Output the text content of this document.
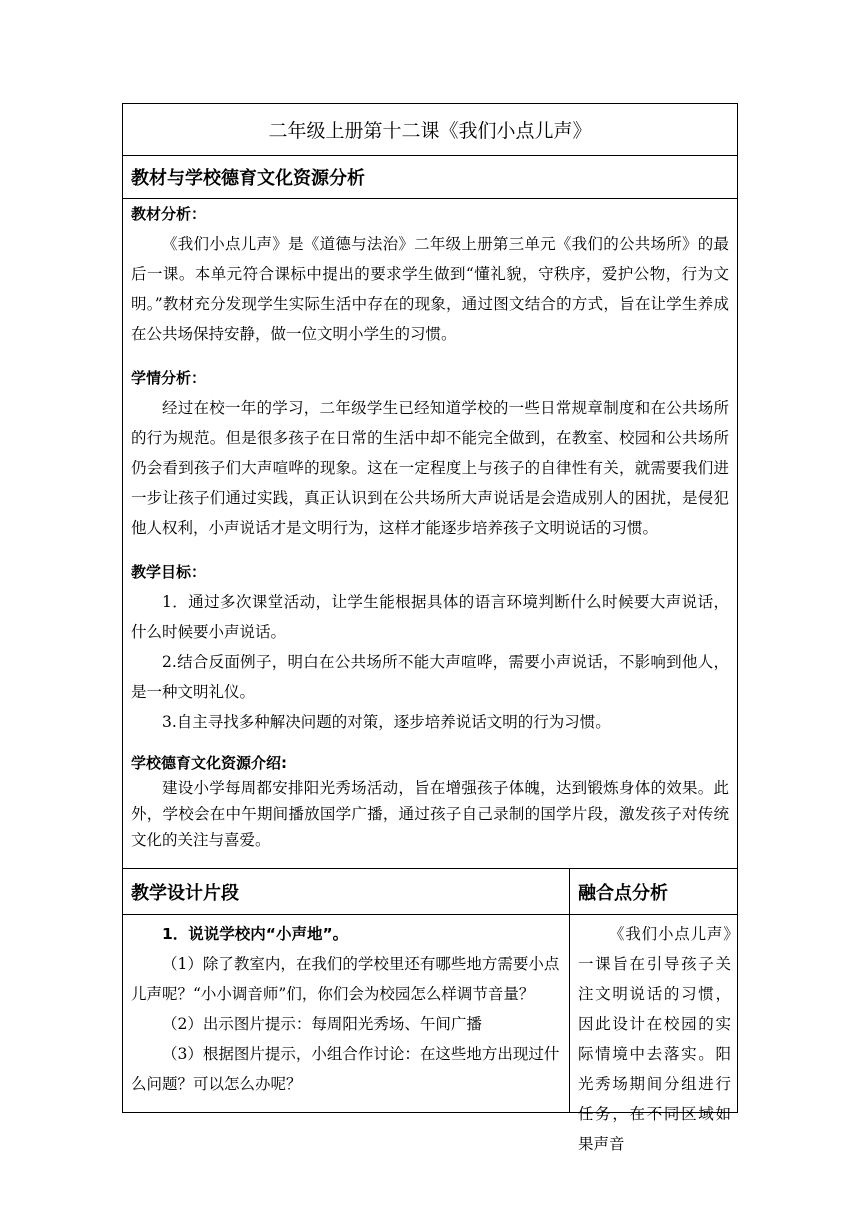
二年级上册第十二课《我们小点儿声》
教材与学校德育文化资源分析
教材分析：
《我们小点儿声》是《道德与法治》二年级上册第三单元《我们的公共场所》的最后一课。本单元符合课标中提出的要求学生做到“懂礼貌，守秩序，爱护公物，行为文明。”教材充分发现学生实际生活中存在的现象，通过图文结合的方式，旨在让学生养成在公共场保持安静，做一位文明小学生的习惯。
学情分析：
经过在校一年的学习，二年级学生已经知道学校的一些日常规章制度和在公共场所的行为规范。但是很多孩子在日常的生活中却不能完全做到，在教室、校园和公共场所仍会看到孩子们大声喧哗的现象。这在一定程度上与孩子的自律性有关，就需要我们进一步让孩子们通过实践，真正认识到在公共场所大声说话是会造成别人的困扰，是侵犯他人权利，小声说话才是文明行为，这样才能逐步培养孩子文明说话的习惯。
教学目标：
1．通过多次课堂活动，让学生能根据具体的语言环境判断什么时候要大声说话，什么时候要小声说话。
2.结合反面例子，明白在公共场所不能大声喧哗，需要小声说话，不影响到他人，是一种文明礼仪。
3.自主寻找多种解决问题的对策，逐步培养说话文明的行为习惯。
学校德育文化资源介绍:
建设小学每周都安排阳光秀场活动，旨在增强孩子体魄，达到锻炼身体的效果。此外，学校会在中午期间播放国学广播，通过孩子自己录制的国学片段，激发孩子对传统文化的关注与喜爱。
教学设计片段
1．说说学校内“小声地”。
（1）除了教室内，在我们的学校里还有哪些地方需要小点儿声呢？“小小调音师”们，你们会为校园怎么样调节音量？
（2）出示图片提示：每周阳光秀场、午间广播
（3）根据图片提示，小组合作讨论：在这些地方出现过什么问题？可以怎么办呢？
融合点分析
《我们小点儿声》一课旨在引导孩子关注文明说话的习惯，因此设计在校园的实际情境中去落实。阳光秀场期间分组进行任务，在不同区域如果声音
